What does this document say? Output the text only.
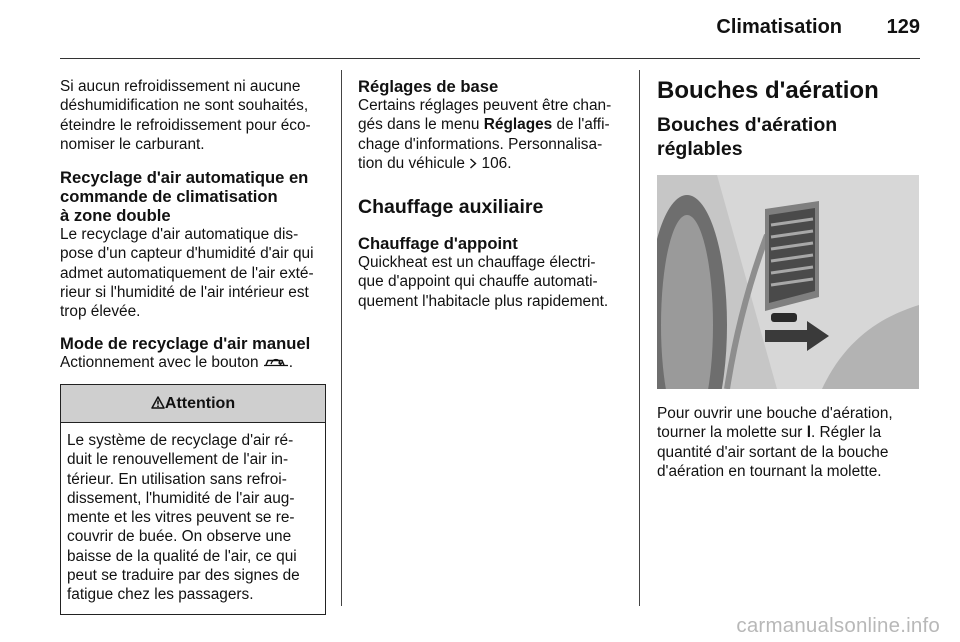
Climatisation 129

Si aucun refroidissement ni aucune
déshumidification ne sont souhaités,
éteindre le refroidissement pour éco-
nomiser le carburant.

Recyclage d'air automatique en
commande de climatisation
à zone double

Le recyclage d'air automatique dis-
pose d'un capteur d'humidité d'air qui
admet automatiquement de l'air exté-
rieur si l'humidité de l'air intérieur est
trop élevée.

Mode de recyclage d'air manuel

Actionnement avec le bouton .

Attention
Le système de recyclage d'air ré-
duit le renouvellement de l'air in-
térieur. En utilisation sans refroi-
dissement, l'humidité de l'air aug-
mente et les vitres peuvent se re-
couvrir de buée. On observe une
baisse de la qualité de l'air, ce qui
peut se traduire par des signes de
fatigue chez les passagers.
Réglages de base

Certains réglages peuvent être chan-
gés dans le menu Réglages de l'affi-
chage d'informations. Personnalisa-
tion du véhicule 106.

Chauffage auxiliaire
Chauffage d'appoint

Quickheat est un chauffage électri-
que d'appoint qui chauffe automati-
quement l'habitacle plus rapidement.

Bouches d'aération
Bouches d'aération réglables

Pour ouvrir une bouche d'aération,
tourner la molette sur l. Régler la
quantité d'air sortant de la bouche
d'aération en tournant la molette.

carmanualsonline.info
